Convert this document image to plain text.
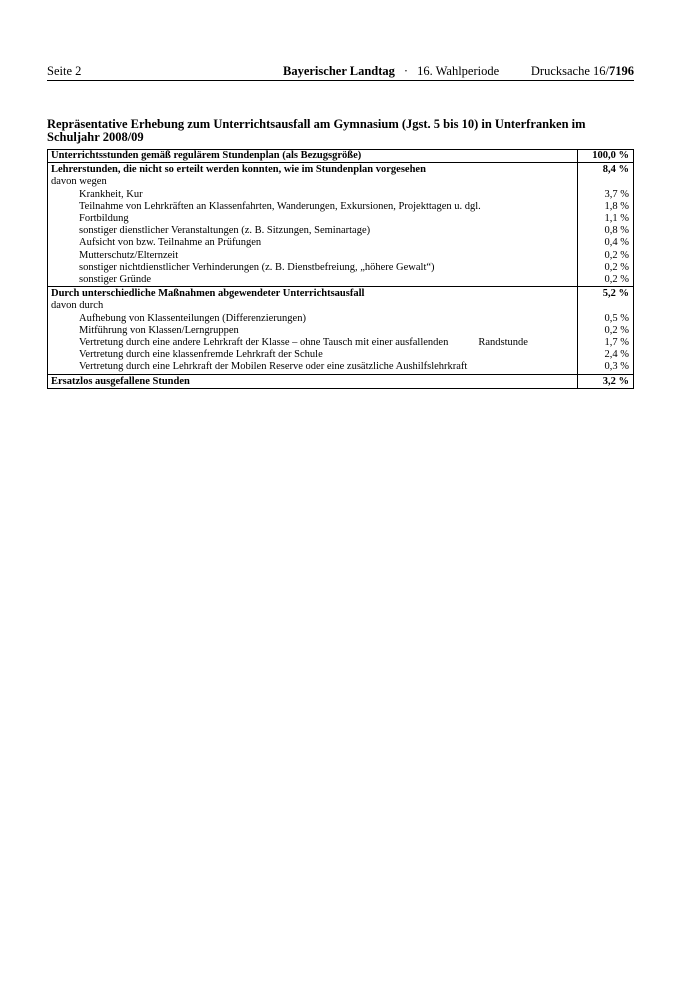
Seite 2	Bayerischer Landtag · 16. Wahlperiode	Drucksache 16/7196
Repräsentative Erhebung zum Unterrichtsausfall am Gymnasium (Jgst. 5 bis 10) in Unterfranken im Schuljahr 2008/09
Unterrichtsstunden gemäß regulärem Stundenplan (als Bezugsgröße)	100,0 %
Lehrerstunden, die nicht so erteilt werden konnten, wie im Stundenplan vorgesehen	8,4 %
davon wegen	
Krankheit, Kur	3,7 %
Teilnahme von Lehrkräften an Klassenfahrten, Wanderungen, Exkursionen, Projekttagen u. dgl.	1,8 %
Fortbildung	1,1 %
sonstiger dienstlicher Veranstaltungen (z. B. Sitzungen, Seminartage)	0,8 %
Aufsicht von bzw. Teilnahme an Prüfungen	0,4 %
Mutterschutz/Elternzeit	0,2 %
sonstiger nichtdienstlicher Verhinderungen (z. B. Dienstbefreiung, „höhere Gewalt“)	0,2 %
sonstiger Gründe	0,2 %
Durch unterschiedliche Maßnahmen abgewendeter Unterrichtsausfall	5,2 %
davon durch	
Aufhebung von Klassenteilungen (Differenzierungen)	0,5 %
Mitführung von Klassen/Lerngruppen	0,2 %
Vertretung durch eine andere Lehrkraft der Klasse – ohne Tausch mit einer ausfallenden Randstunde	1,7 %
Vertretung durch eine klassenfremde Lehrkraft der Schule	2,4 %
Vertretung durch eine Lehrkraft der Mobilen Reserve oder eine zusätzliche Aushilfslehrkraft	0,3 %
Ersatzlos ausgefallene Stunden	3,2 %
